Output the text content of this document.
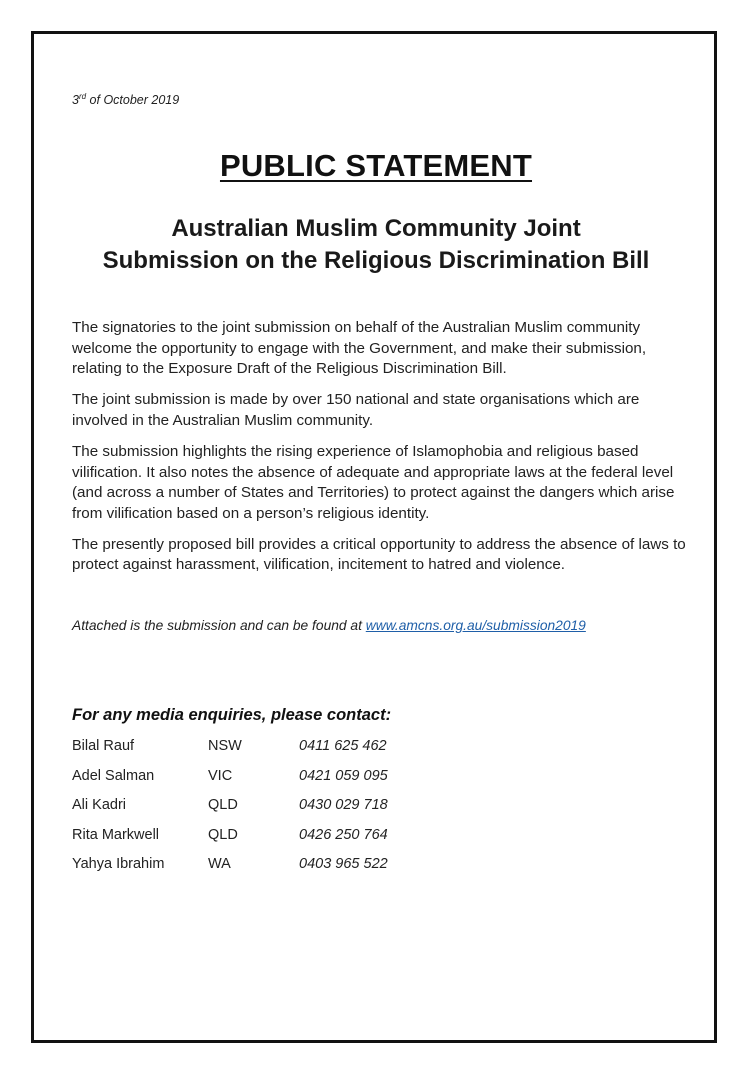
3rd of October 2019
PUBLIC STATEMENT
Australian Muslim Community Joint
Submission on the Religious Discrimination Bill

The signatories to the joint submission on behalf of the Australian Muslim community welcome the opportunity to engage with the Government, and make their submission, relating to the Exposure Draft of the Religious Discrimination Bill.

The joint submission is made by over 150 national and state organisations which are involved in the Australian Muslim community.

The submission highlights the rising experience of Islamophobia and religious based vilification. It also notes the absence of adequate and appropriate laws at the federal level (and across a number of States and Territories) to protect against the dangers which arise from vilification based on a person’s religious identity.

The presently proposed bill provides a critical opportunity to address the absence of laws to protect against harassment, vilification, incitement to hatred and violence.

Attached is the submission and can be found at www.amcns.org.au/submission2019
For any media enquiries, please contact:
Bilal Rauf	NSW	0411 625 462
Adel Salman	VIC	0421 059 095
Ali Kadri	QLD	0430 029 718
Rita Markwell	QLD	0426 250 764
Yahya Ibrahim	WA	0403 965 522
